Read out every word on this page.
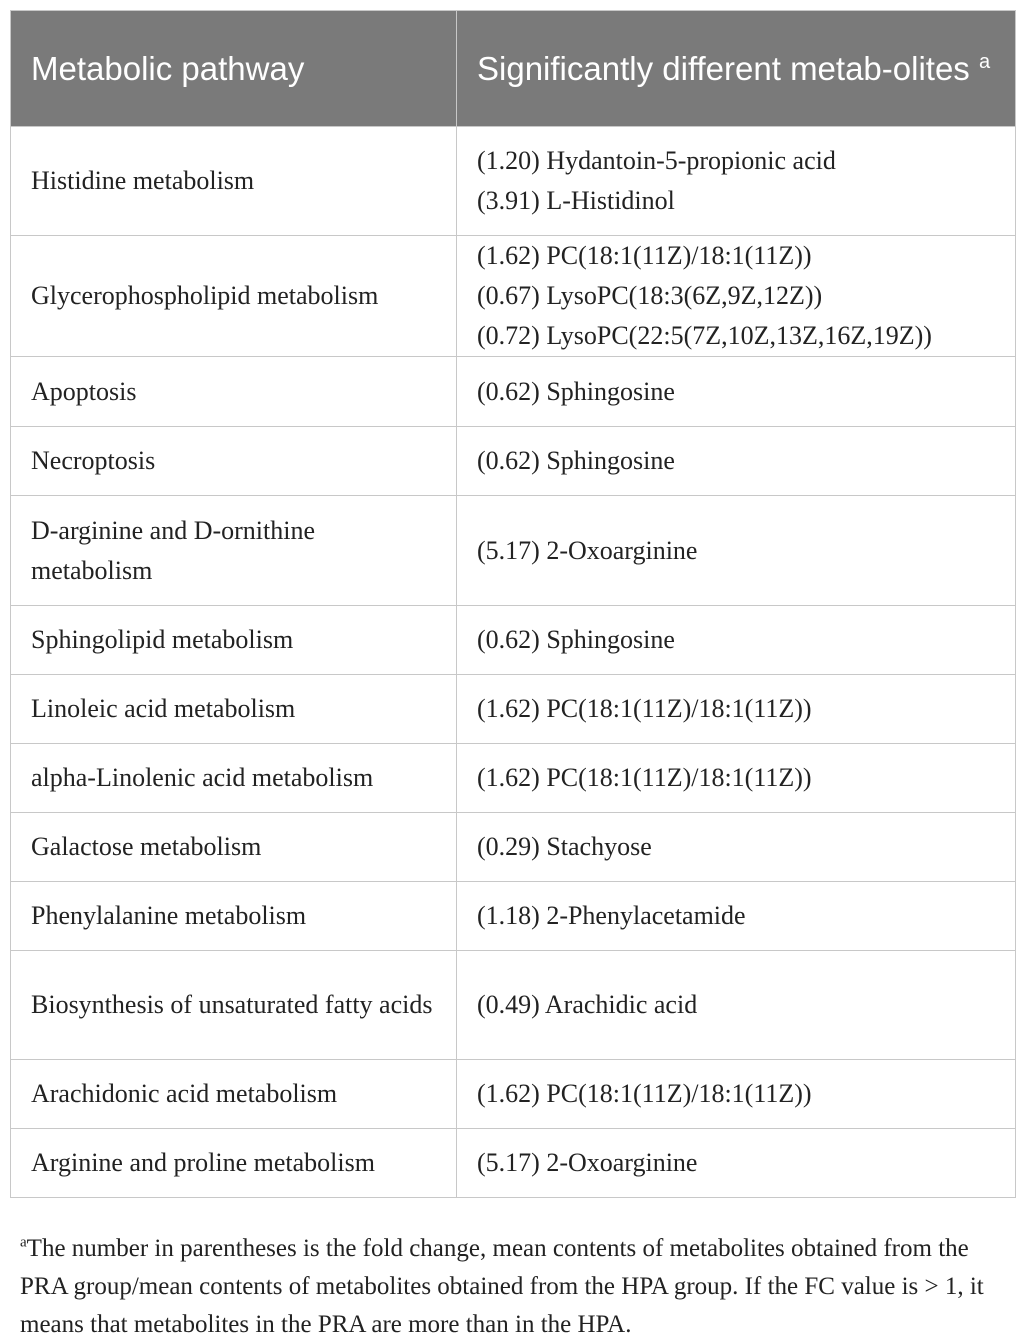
Metabolic pathway	Significantly different metab-olites $^a$
Histidine metabolism	(1.20) Hydantoin-5-propionic acid
(3.91) L-Histidinol

Glycerophospholipid metabolism	(1.62) PC(18:1(11Z)/18:1(11Z))
(0.67) LysoPC(18:3(6Z,9Z,12Z))
(0.72) LysoPC(22:5(7Z,10Z,13Z,16Z,19Z))

Apoptosis	(0.62) Sphingosine

Necroptosis	(0.62) Sphingosine

D-arginine and D-ornithine metabolism	(5.17) 2-Oxoarginine

Sphingolipid metabolism	(0.62) Sphingosine

Linoleic acid metabolism	(1.62) PC(18:1(11Z)/18:1(11Z))

alpha-Linolenic acid metabolism	(1.62) PC(18:1(11Z)/18:1(11Z))

Galactose metabolism	(0.29) Stachyose

Phenylalanine metabolism	(1.18) 2-Phenylacetamide

Biosynthesis of unsaturated fatty acids	(0.49) Arachidic acid

Arachidonic acid metabolism	(1.62) PC(18:1(11Z)/18:1(11Z))

Arginine and proline metabolism	(5.17) 2-Oxoarginine
$^a$The number in parentheses is the fold change, mean contents of metabolites obtained from the PRA group/mean contents of metabolites obtained from the HPA group. If the FC value is > 1, it means that metabolites in the PRA are more than in the HPA.
